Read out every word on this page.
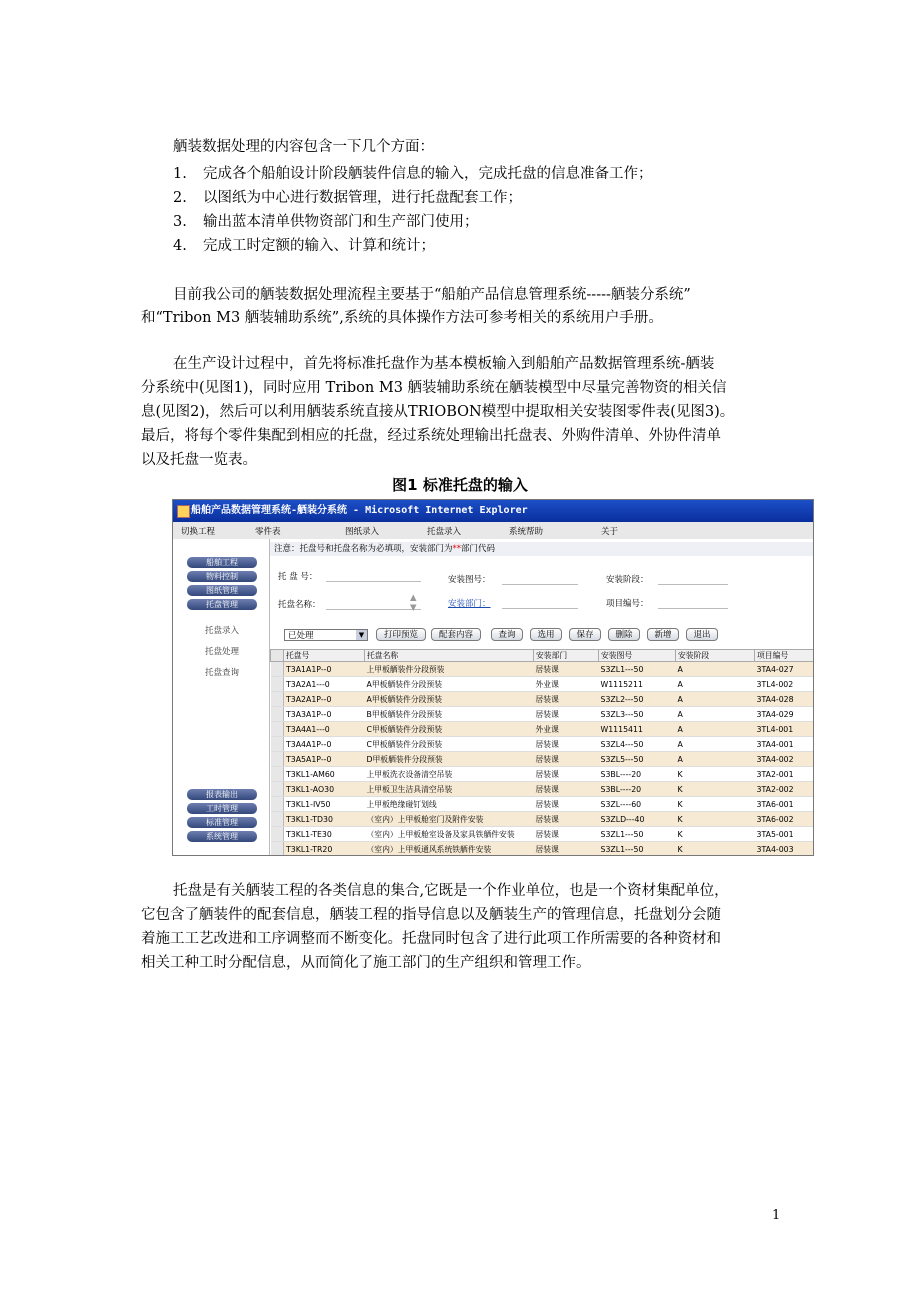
舾装数据处理的内容包含一下几个方面：
1. 完成各个船舶设计阶段舾装件信息的输入，完成托盘的信息准备工作；
2. 以图纸为中心进行数据管理，进行托盘配套工作；
3. 输出蓝本清单供物资部门和生产部门使用；
4. 完成工时定额的输入、计算和统计；
目前我公司的舾装数据处理流程主要基于“船舶产品信息管理系统-----舾装分系统”
和“Tribon M3 舾装辅助系统”,系统的具体操作方法可参考相关的系统用户手册。
在生产设计过程中，首先将标准托盘作为基本模板输入到船舶产品数据管理系统-舾装
分系统中(见图1)，同时应用 Tribon M3 舾装辅助系统在舾装模型中尽量完善物资的相关信
息(见图2)，然后可以利用舾装系统直接从TRIOBON模型中提取相关安装图零件表(见图3)。
最后，将每个零件集配到相应的托盘，经过系统处理输出托盘表、外购件清单、外协件清单
以及托盘一览表。
图1 标准托盘的输入
船舶产品数据管理系统-舾装分系统 - Microsoft Internet Explorer
切换工程	零件表	图纸录入	托盘录入	系统帮助	关于
船舶工程
物料控制
图纸管理
托盘管理
托盘录入
托盘处理
托盘查询
报表输出
工时管理
标准管理
系统管理
注意：托盘号和托盘名称为必填项，安装部门为**部门代码
托 盘 号：
托盘名称：
▲
▼
安装图号：
安装部门：
安装阶段：
项目编号：
已处理	▼	打印预览	配套内容	查询	选用	保存	删除	新增	退出
	托盘号	托盘名称	安装部门	安装图号	安装阶段	项目编号
	T3A1A1P--0	上甲板舾装件分段预装	居装课	S3ZL1---50	A	3TA4-027
	T3A2A1---0	A甲板舾装件分段预装	外业课	W1115211	A	3TL4-002
	T3A2A1P--0	A甲板舾装件分段预装	居装课	S3ZL2---50	A	3TA4-028
	T3A3A1P--0	B甲板舾装件分段预装	居装课	S3ZL3---50	A	3TA4-029
	T3A4A1---0	C甲板舾装件分段预装	外业课	W1115411	A	3TL4-001
	T3A4A1P--0	C甲板舾装件分段预装	居装课	S3ZL4---50	A	3TA4-001
	T3A5A1P--0	D甲板舾装件分段预装	居装课	S3ZL5---50	A	3TA4-002
	T3KL1-AM60	上甲板洗衣设备清空吊装	居装课	S3BL----20	K	3TA2-001
	T3KL1-AO30	上甲板卫生洁具清空吊装	居装课	S3BL----20	K	3TA2-002
	T3KL1-IV50	上甲板绝缘碰钉划线	居装课	S3ZL----60	K	3TA6-001
	T3KL1-TD30	（室内）上甲板舱室门及附件安装	居装课	S3ZLD---40	K	3TA6-002
	T3KL1-TE30	（室内）上甲板舱室设备及家具铁舾件安装	居装课	S3ZL1---50	K	3TA5-001
	T3KL1-TR20	（室内）上甲板通风系统铁舾件安装	居装课	S3ZL1---50	K	3TA4-003
托盘是有关舾装工程的各类信息的集合,它既是一个作业单位，也是一个资材集配单位，
它包含了舾装件的配套信息，舾装工程的指导信息以及舾装生产的管理信息，托盘划分会随
着施工工艺改进和工序调整而不断变化。托盘同时包含了进行此项工作所需要的各种资材和
相关工种工时分配信息，从而简化了施工部门的生产组织和管理工作。
1
